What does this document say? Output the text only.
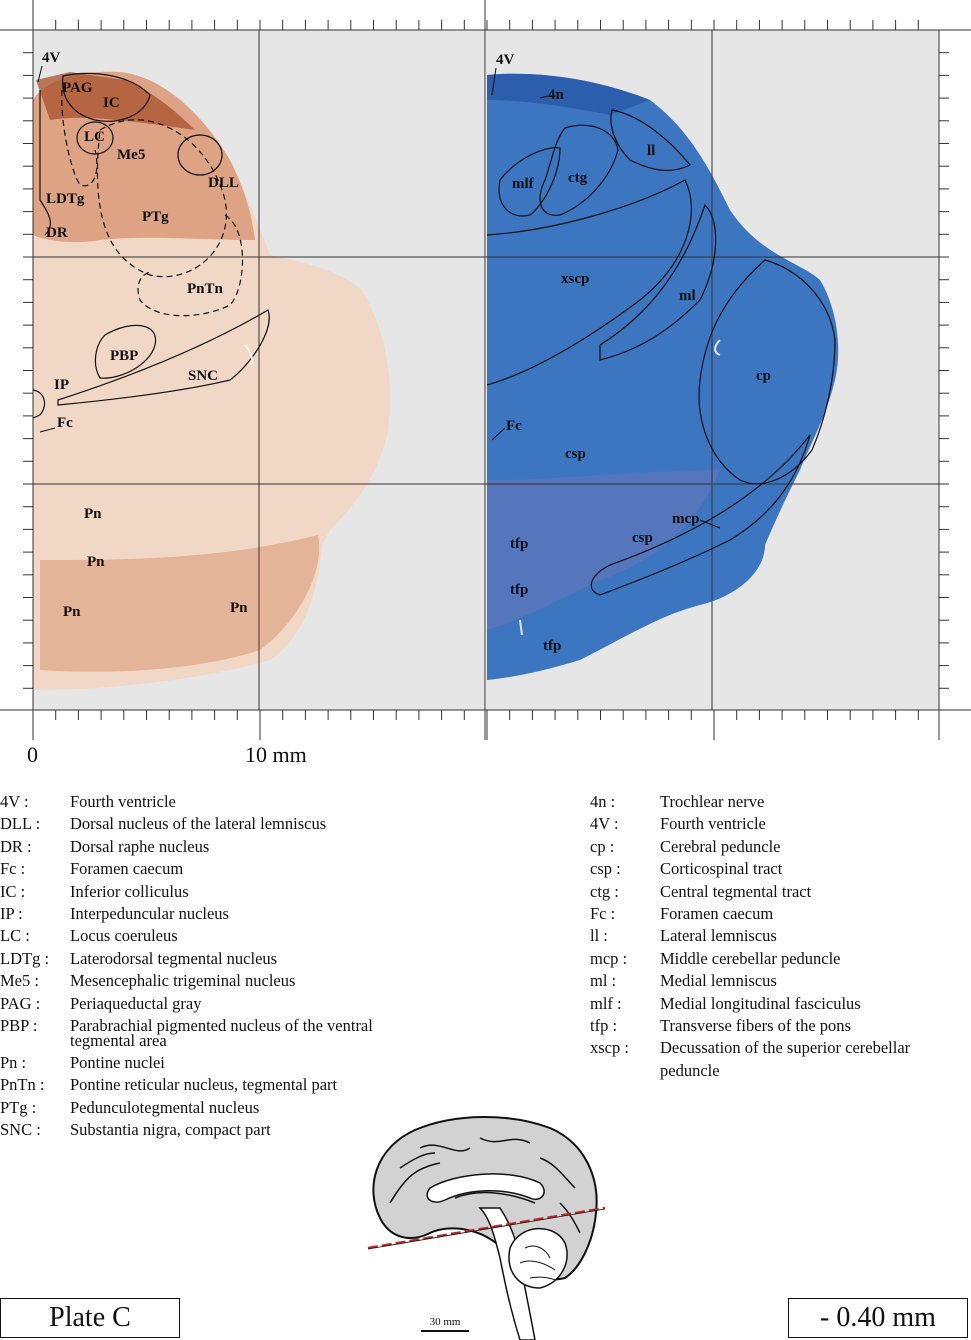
0	10 mm
4V
PAG
IC
LC
Me5
DLL
LDTg
PTg
DR
PnTn
PBP
SNC
IP
Fc
Pn
Pn
Pn	Pn
4V
4n
ll
mlf ctg
xscp
ml
cp
Fc
csp
mcp
csp
tfp
tfp
tfp
4V :	Fourth ventricle
DLL :	Dorsal nucleus of the lateral lemniscus
DR :	Dorsal raphe nucleus
Fc :	Foramen caecum
IC :	Inferior colliculus
IP :	Interpeduncular nucleus
LC :	Locus coeruleus
LDTg :	Laterodorsal tegmental nucleus
Me5 :	Mesencephalic trigeminal nucleus
PAG :	Periaqueductal gray
PBP :	Parabrachial pigmented nucleus of the ventral tegmental area
Pn :	Pontine nuclei
PnTn :	Pontine reticular nucleus, tegmental part
PTg :	Pedunculotegmental nucleus
SNC :	Substantia nigra, compact part
4n :	Trochlear nerve
4V :	Fourth ventricle
cp :	Cerebral peduncle
csp :	Corticospinal tract
ctg :	Central tegmental tract
Fc :	Foramen caecum
ll :	Lateral lemniscus
mcp :	Middle cerebellar peduncle
ml :	Medial lemniscus
mlf :	Medial longitudinal fasciculus
tfp :	Transverse fibers of the pons
xscp :	Decussation of the superior cerebellar peduncle
30 mm
Plate C	- 0.40 mm
